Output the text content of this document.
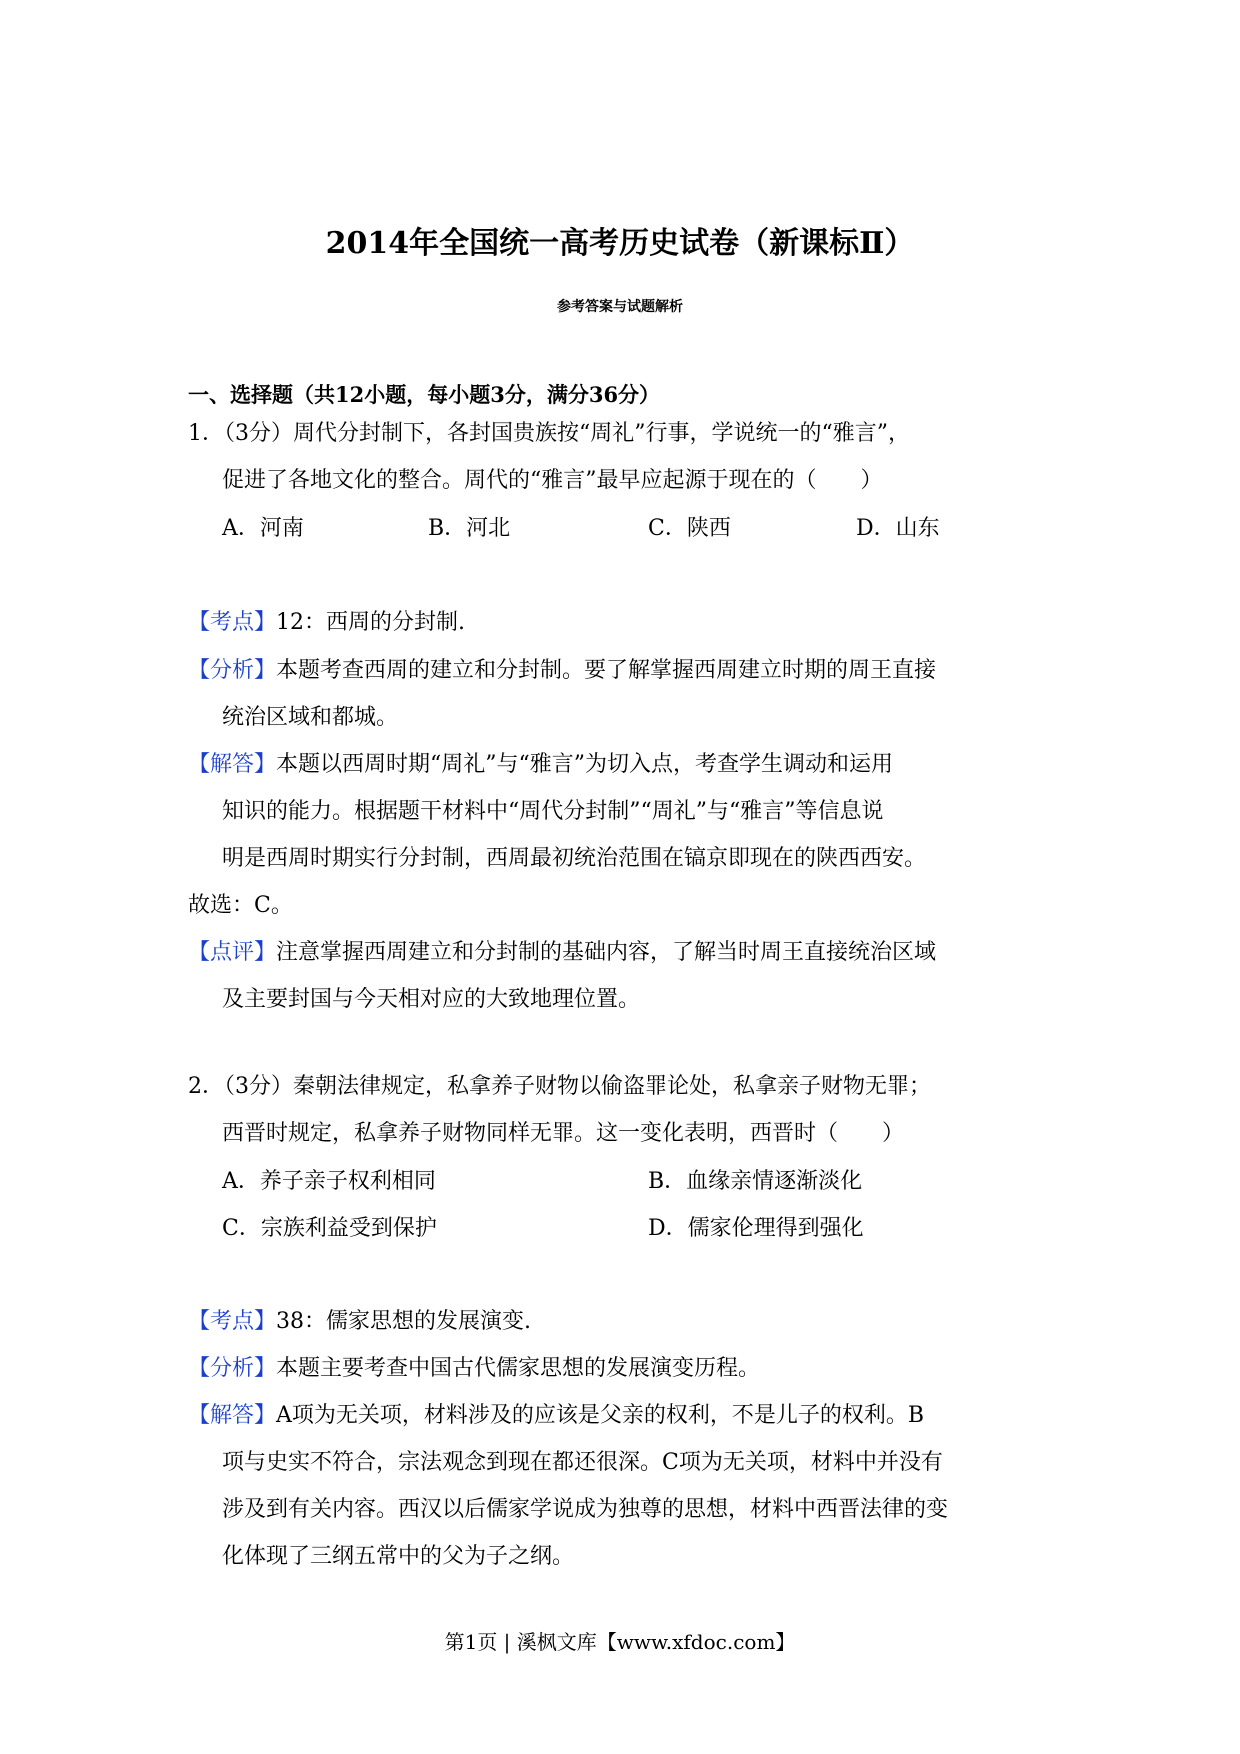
2014年全国统一高考历史试卷（新课标Ⅱ）
参考答案与试题解析
一、选择题（共12小题，每小题3分，满分36分）
1．（3分）周代分封制下，各封国贵族按“周礼”行事，学说统一的“雅言”，
促进了各地文化的整合。周代的“雅言”最早应起源于现在的（　　）
A．河南	B．河北	C．陕西	D．山东
【考点】12：西周的分封制.
【分析】本题考查西周的建立和分封制。要了解掌握西周建立时期的周王直接
统治区域和都城。
【解答】本题以西周时期“周礼”与“雅言”为切入点，考查学生调动和运用
知识的能力。根据题干材料中“周代分封制”“周礼”与“雅言”等信息说
明是西周时期实行分封制，西周最初统治范围在镐京即现在的陕西西安。
故选：C。
【点评】注意掌握西周建立和分封制的基础内容，了解当时周王直接统治区域
及主要封国与今天相对应的大致地理位置。
2．（3分）秦朝法律规定，私拿养子财物以偷盗罪论处，私拿亲子财物无罪；
西晋时规定，私拿养子财物同样无罪。这一变化表明，西晋时（　　）
A．养子亲子权利相同	B．血缘亲情逐渐淡化
C．宗族利益受到保护	D．儒家伦理得到强化
【考点】38：儒家思想的发展演变.
【分析】本题主要考查中国古代儒家思想的发展演变历程。
【解答】A项为无关项，材料涉及的应该是父亲的权利，不是儿子的权利。B
项与史实不符合，宗法观念到现在都还很深。C项为无关项，材料中并没有
涉及到有关内容。西汉以后儒家学说成为独尊的思想，材料中西晋法律的变
化体现了三纲五常中的父为子之纲。
第1页 | 溪枫文库【www.xfdoc.com】
